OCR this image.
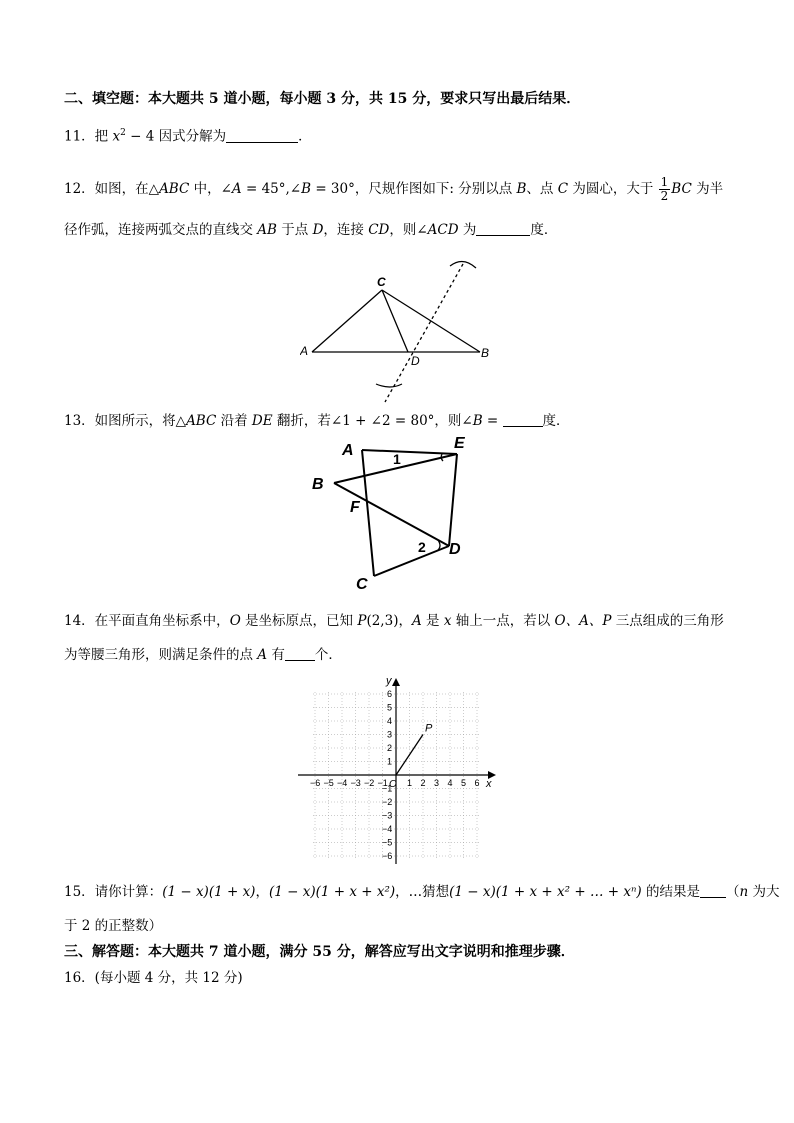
二、填空题：本大题共 5 道小题，每小题 3 分，共 15 分，要求只写出最后结果．
11．把 $x^2 - 4$ 因式分解为	．
12．如图，在△ABC 中，∠A = 45°,∠B = 30°，尺规作图如下: 分别以点 B、点 C 为圆心，大于 $\frac{1}{2}$ BC 为半
径作弧，连接两弧交点的直线交 AB 于点 D，连接 CD，则∠ACD 为	度．
A
C
D
B
13．如图所示，将△ABC 沿着 DE 翻折，若∠1 + ∠2 = 80°，则∠B =	度．
A	E
B
F
C
D
1
2
14．在平面直角坐标系中，O 是坐标原点，已知 P(2,3)，A 是 x 轴上一点，若以 O、A、P 三点组成的三角形
为等腰三角形，则满足条件的点 A 有 个．
−6 −5 −4 −3 −2 −1 1 2 3 4 5 6
6
5
4
3
2
1
−1
−2
−3
−4
−5
−6
x
y
O
P
15．请你计算：(1 − x)(1 + x)，(1 − x)(1 + x + x²)，…猜想(1 − x)(1 + x + x² + … + xⁿ) 的结果是 （n 为大
于 2 的正整数）
三、解答题：本大题共 7 道小题，满分 55 分，解答应写出文字说明和推理步骤．
16．(每小题 4 分，共 12 分)
